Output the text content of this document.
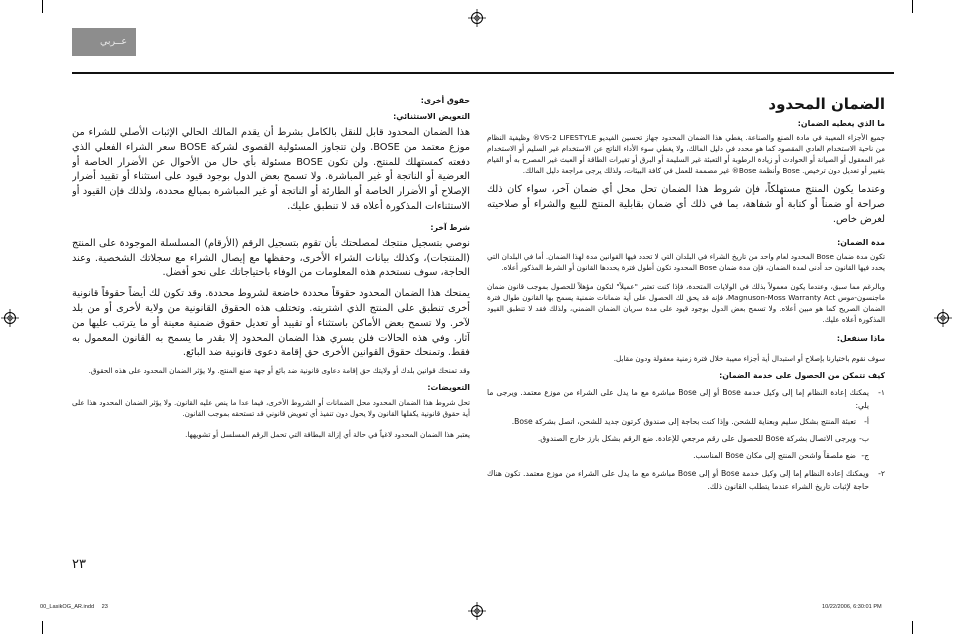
عــربي
الضمان المحدود
ما الذي يغطيه الضمان:
جميع الأجزاء المعيبة في مادة الصنع والصناعة. يغطي هذا الضمان المحدود جهاز تحسين الفيديو VS-2 LIFESTYLE® وظيفية النظام من ناحية الاستخدام العادي المقصود كما هو محدد في دليل المالك، ولا يغطي سوء الأداء الناتج عن الاستخدام غير السليم أو الاستخدام غير المعقول أو الصيانة أو الحوادث أو زيادة الرطوبة أو التعبئة غير السليمة أو البرق أو تغيرات الطاقة أو العبث غير المصرح به أو القيام بتغيير أو تعديل دون ترخيص. Bose وأنظمة Bose® غير مصممة للعمل في كافة البيئات، ولذلك يرجى مراجعة دليل المالك.
وعندما يكون المنتج مستهلكاً، فإن شروط هذا الضمان تحل محل أي ضمان آخر، سواء كان ذلك صراحة أو ضمناً أو كتابة أو شفاهة، بما في ذلك أي ضمان بقابلية المنتج للبيع والشراء أو صلاحيته لغرض خاص.
مدة الضمان:
تكون مدة ضمان Bose المحدود لعام واحد من تاريخ الشراء في البلدان التي لا تحدد فيها القوانين مدة لهذا الضمان. أما في البلدان التي يحدد فيها القانون حد أدنى لمدة الضمان، فإن مدة ضمان Bose المحدود تكون أطول فترة يحددها القانون أو الشرط المذكور أعلاه.
وبالرغم مما سبق، وعندما يكون معمولاً بذلك في الولايات المتحدة، فإذا كنت تعتبر "عميلاً" لتكون مؤهلاً للحصول بموجب قانون ضمان ماجنسون-موس Magnuson-Moss Warranty Act، فإنه قد يحق لك الحصول على أية ضمانات ضمنية يسمح بها القانون طوال فترة الضمان الصريح كما هو مبين أعلاه. ولا تسمح بعض الدول بوجود قيود على مدة سريان الضمان الضمني، ولذلك فقد لا تنطبق القيود المذكورة أعلاه عليك.
ماذا سنفعل:
سوف نقوم باختيارنا بإصلاح أو استبدال أية أجزاء معيبة خلال فترة زمنية معقولة ودون مقابل.
كيف تتمكن من الحصول على خدمة الضمان:
١-
يمكنك إعادة النظام إما إلى وكيل خدمة Bose أو إلى Bose مباشرة مع ما يدل على الشراء من موزع معتمد. ويرجى ما يلي:
أ-
تعبئة المنتج بشكل سليم وبعناية للشحن. وإذا كنت بحاجة إلى صندوق كرتون جديد للشحن، اتصل بشركة Bose.
ب-
ويرجى الاتصال بشركة Bose للحصول على رقم مرجعي للإعادة. ضع الرقم بشكل بارز خارج الصندوق.
ج-
ضع ملصقاً واشحن المنتج إلى مكان Bose المناسب.
٢-
ويمكنك إعادة النظام إما إلى وكيل خدمة Bose أو إلى Bose مباشرة مع ما يدل على الشراء من موزع معتمد. تكون هناك حاجة لإثبات تاريخ الشراء عندما يتطلب القانون ذلك.
حقوق أخرى:
التعويض الاستثنائي:
هذا الضمان المحدود قابل للنقل بالكامل بشرط أن يقدم المالك الحالي الإثبات الأصلي للشراء من موزع معتمد من BOSE. ولن تتجاوز المسئولية القصوى لشركة BOSE سعر الشراء الفعلي الذي دفعته كمستهلك للمنتج. ولن تكون BOSE مسئولة بأي حال من الأحوال عن الأضرار الخاصة أو العرضية أو الناتجة أو غير المباشرة. ولا تسمح بعض الدول بوجود قيود على استثناء أو تقييد أضرار الإصلاح أو الأضرار الخاصة أو الطارئة أو الناتجة أو غير المباشرة بمبالغ محددة، ولذلك فإن القيود أو الاستثناءات المذكورة أعلاه قد لا تنطبق عليك.
شرط آخر:
نوصي بتسجيل منتجك لمصلحتك بأن تقوم بتسجيل الرقم (الأرقام) المسلسلة الموجودة على المنتج (المنتجات)، وكذلك بيانات الشراء الأخرى، وحفظها مع إيصال الشراء مع سجلاتك الشخصية. وعند الحاجة، سوف نستخدم هذه المعلومات من الوفاء باحتياجاتك على نحو أفضل.
يمنحك هذا الضمان المحدود حقوقاً محددة خاضعة لشروط محددة. وقد تكون لك أيضاً حقوقاً قانونية أخرى تنطبق على المنتج الذي اشتريته. وتختلف هذه الحقوق القانونية من ولاية لأخرى أو من بلد لآخر. ولا تسمح بعض الأماكن باستثناء أو تقييد أو تعديل حقوق ضمنية معينة أو ما يترتب عليها من آثار. وفي هذه الحالات فلن يسري هذا الضمان المحدود إلا بقدر ما يسمح به القانون المعمول به فقط. وتمنحك حقوق القوانين الأخرى حق إقامة دعوى قانونية ضد البائع.
وقد تمنحك قوانين بلدك أو ولايتك حق إقامة دعاوى قانونية ضد بائع أو جهة صنع المنتج. ولا يؤثر الضمان المحدود على هذه الحقوق.
التعويضات:
تحل شروط هذا الضمان المحدود محل الضمانات أو الشروط الأخرى، فيما عدا ما ينص عليه القانون. ولا يؤثر الضمان المحدود هذا على أية حقوق قانونية يكفلها القانون ولا يحول دون تنفيذ أي تعويض قانوني قد تستحقه بموجب القانون.
يعتبر هذا الضمان المحدود لاغياً في حالة أي إزالة البطاقة التي تحمل الرقم المسلسل أو تشويهها.
٢٣
00_LasikOG_AR.indd 23	10/22/2006, 6:30:01 PM
